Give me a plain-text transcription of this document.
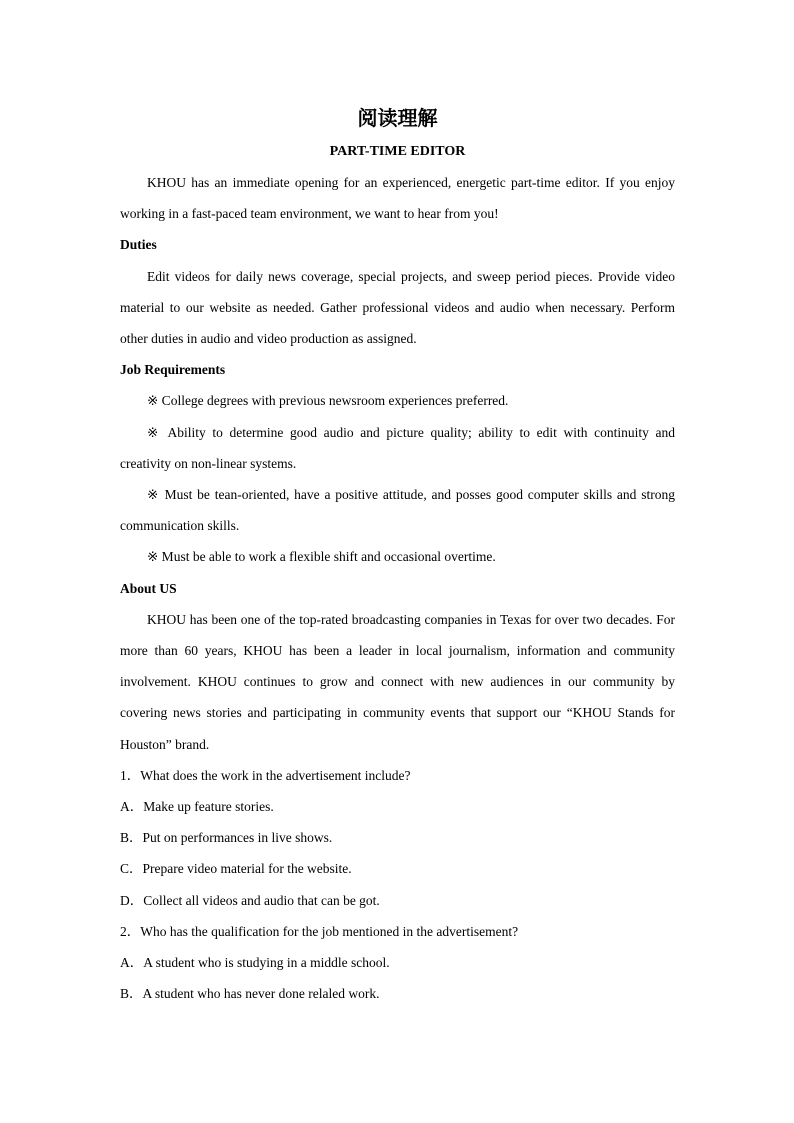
阅读理解
PART-TIME EDITOR

KHOU has an immediate opening for an experienced, energetic part-time editor. If you enjoy working in a fast-paced team environment, we want to hear from you!

Duties

Edit videos for daily news coverage, special projects, and sweep period pieces. Provide video material to our website as needed. Gather professional videos and audio when necessary. Perform other duties in audio and video production as assigned.

Job Requirements

※ College degrees with previous newsroom experiences preferred.

※ Ability to determine good audio and picture quality; ability to edit with continuity and creativity on non-linear systems.

※ Must be tean-oriented, have a positive attitude, and posses good computer skills and strong communication skills.

※ Must be able to work a flexible shift and occasional overtime.

About US

KHOU has been one of the top-rated broadcasting companies in Texas for over two decades. For more than 60 years, KHOU has been a leader in local journalism, information and community involvement. KHOU continues to grow and connect with new audiences in our community by covering news stories and participating in community events that support our “KHOU Stands for Houston” brand.

1．What does the work in the advertisement include?

A．Make up feature stories.

B．Put on performances in live shows.

C．Prepare video material for the website.

D．Collect all videos and audio that can be got.

2．Who has the qualification for the job mentioned in the advertisement?

A．A student who is studying in a middle school.

B．A student who has never done relaled work.
